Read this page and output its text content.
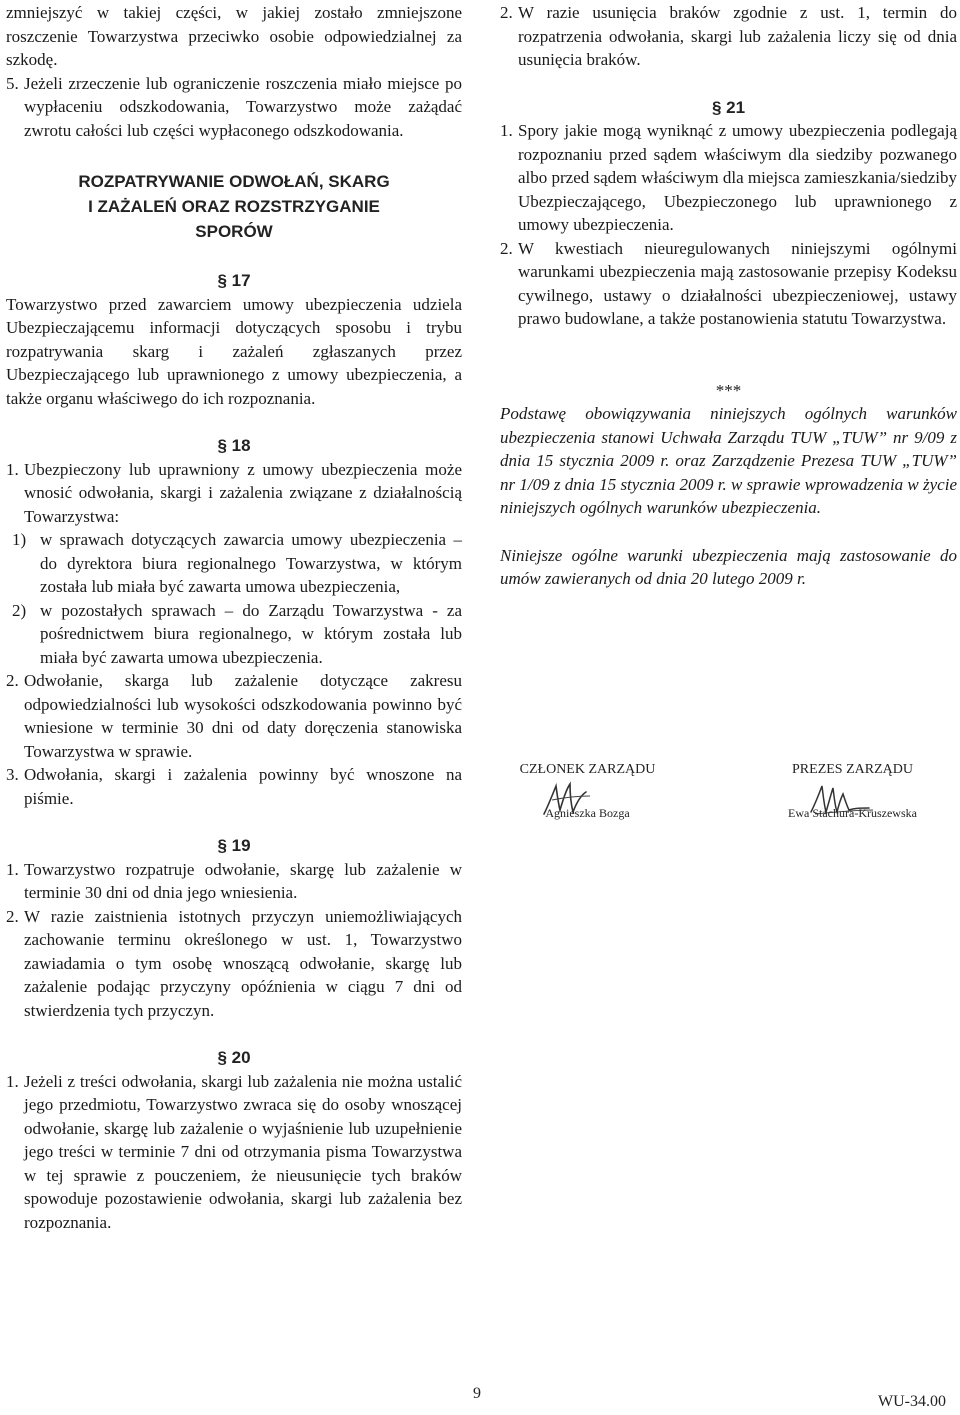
zmniejszyć w takiej części, w jakiej zostało zmniejszone roszczenie Towarzystwa przeciwko osobie odpowiedzialnej za szkodę.

5. Jeżeli zrzeczenie lub ograniczenie roszczenia miało miejsce po wypłaceniu odszkodowania, Towarzystwo może zażądać zwrotu całości lub części wypłaconego odszkodowania.
ROZPATRYWANIE ODWOŁAŃ, SKARG
I ZAŻALEŃ ORAZ ROZSTRZYGANIE
SPORÓW
§ 17

Towarzystwo przed zawarciem umowy ubezpieczenia udziela Ubezpieczającemu informacji dotyczących sposobu i trybu rozpatrywania skarg i zażaleń zgłaszanych przez Ubezpieczającego lub uprawnionego z umowy ubezpieczenia, a także organu właściwego do ich rozpoznania.

§ 18
1. Ubezpieczony lub uprawniony z umowy ubezpieczenia może wnosić odwołania, skargi i zażalenia związane z działalnością Towarzystwa:
1) w sprawach dotyczących zawarcia umowy ubezpieczenia – do dyrektora biura regionalnego Towarzystwa, w którym została lub miała być zawarta umowa ubezpieczenia,
2) w pozostałych sprawach – do Zarządu Towarzystwa - za pośrednictwem biura regionalnego, w którym została lub miała być zawarta umowa ubezpieczenia.
2. Odwołanie, skarga lub zażalenie dotyczące zakresu odpowiedzialności lub wysokości odszkodowania powinno być wniesione w terminie 30 dni od daty doręczenia stanowiska Towarzystwa w sprawie.
3. Odwołania, skargi i zażalenia powinny być wnoszone na piśmie.
§ 19
1. Towarzystwo rozpatruje odwołanie, skargę lub zażalenie w terminie 30 dni od dnia jego wniesienia.
2. W razie zaistnienia istotnych przyczyn uniemożliwiających zachowanie terminu określonego w ust. 1, Towarzystwo zawiadamia o tym osobę wnoszącą odwołanie, skargę lub zażalenie podając przyczyny opóźnienia w ciągu 7 dni od stwierdzenia tych przyczyn.
§ 20
1. Jeżeli z treści odwołania, skargi lub zażalenia nie można ustalić jego przedmiotu, Towarzystwo zwraca się do osoby wnoszącej odwołanie, skargę lub zażalenie o wyjaśnienie lub uzupełnienie jego treści w terminie 7 dni od otrzymania pisma Towarzystwa w tej sprawie z pouczeniem, że nieusunięcie tych braków spowoduje pozostawienie odwołania, skargi lub zażalenia bez rozpoznania.
2. W razie usunięcia braków zgodnie z ust. 1, termin do rozpatrzenia odwołania, skargi lub zażalenia liczy się od dnia usunięcia braków.
§ 21
1. Spory jakie mogą wyniknąć z umowy ubezpieczenia podlegają rozpoznaniu przed sądem właściwym dla siedziby pozwanego albo przed sądem właściwym dla miejsca zamieszkania/siedziby Ubezpieczającego, Ubezpieczonego lub uprawnionego z umowy ubezpieczenia.
2. W kwestiach nieuregulowanych niniejszymi ogólnymi warunkami ubezpieczenia mają zastosowanie przepisy Kodeksu cywilnego, ustawy o działalności ubezpieczeniowej, ustawy prawo budowlane, a także postanowienia statutu Towarzystwa.
***

Podstawę obowiązywania niniejszych ogólnych warunków ubezpieczenia stanowi Uchwała Zarządu TUW „TUW” nr 9/09 z dnia 15 stycznia 2009 r. oraz Zarządzenie Prezesa TUW „TUW” nr 1/09 z dnia 15 stycznia 2009 r. w sprawie wprowadzenia w życie niniejszych ogólnych warunków ubezpieczenia.

Niniejsze ogólne warunki ubezpieczenia mają zastosowanie do umów zawieranych od dnia 20 lutego 2009 r.

CZŁONEK ZARZĄDU
Agnieszka Bozga
PREZES ZARZĄDU
Ewa Stachura-Kruszewska
9	WU-34.00
